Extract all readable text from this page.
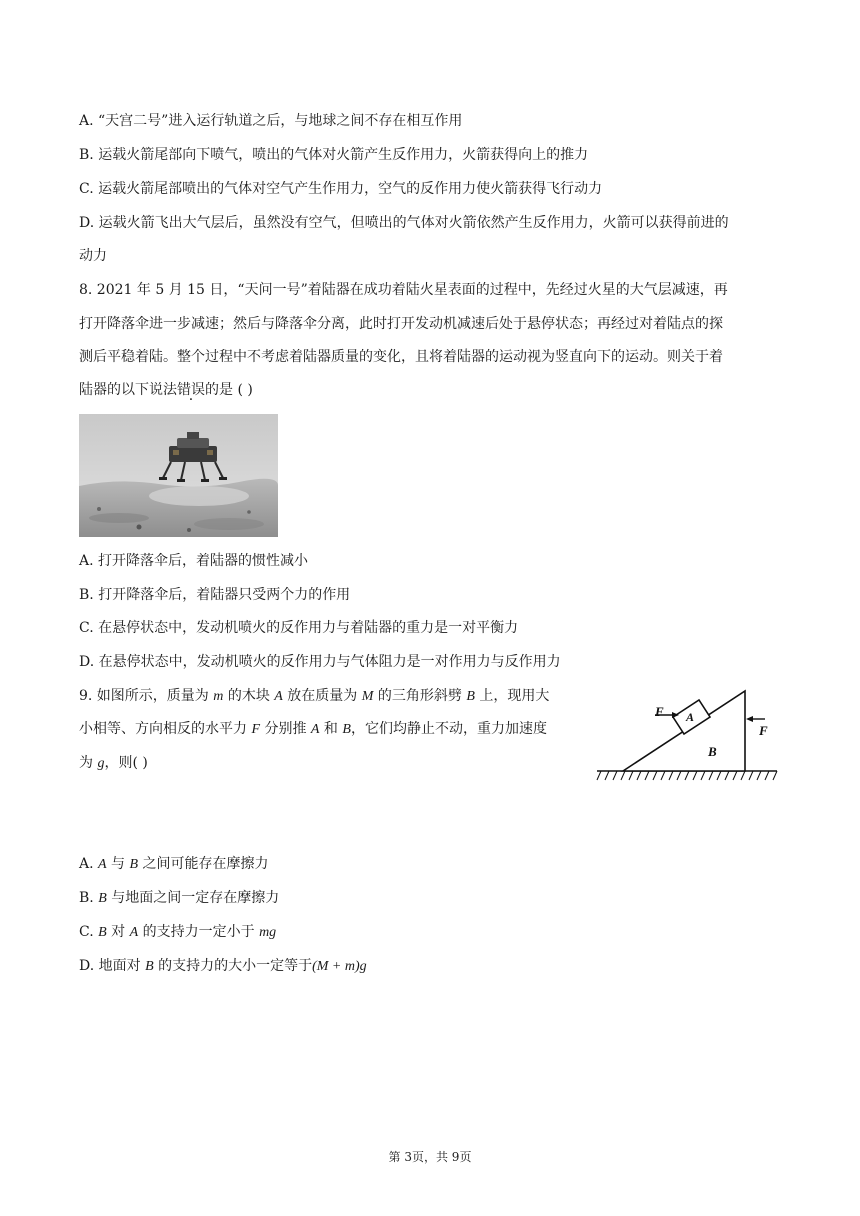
A. “天宫二号”进入运行轨道之后，与地球之间不存在相互作用
B. 运载火箭尾部向下喷气，喷出的气体对火箭产生反作用力，火箭获得向上的推力
C. 运载火箭尾部喷出的气体对空气产生作用力，空气的反作用力使火箭获得飞行动力
D. 运载火箭飞出大气层后，虽然没有空气，但喷出的气体对火箭依然产生反作用力，火箭可以获得前进的
动力
8. 2021 年 5 月 15 日，“天问一号”着陆器在成功着陆火星表面的过程中，先经过火星的大气层减速，再
打开降落伞进一步减速；然后与降落伞分离，此时打开发动机减速后处于悬停状态；再经过对着陆点的探
测后平稳着陆。整个过程中不考虑着陆器质量的变化，且将着陆器的运动视为竖直向下的运动。则关于着
陆器的以下说法错误的是 ( )
A. 打开降落伞后，着陆器的惯性减小
B. 打开降落伞后，着陆器只受两个力的作用
C. 在悬停状态中，发动机喷火的反作用力与着陆器的重力是一对平衡力
D. 在悬停状态中，发动机喷火的反作用力与气体阻力是一对作用力与反作用力
9. 如图所示，质量为 m 的木块 A 放在质量为 M 的三角形斜劈 B 上，现用大
小相等、方向相反的水平力 F 分别推 A 和 B，它们均静止不动，重力加速度
为 g，则( )
F A
B
F
A. A 与 B 之间可能存在摩擦力
B. B 与地面之间一定存在摩擦力
C. B 对 A 的支持力一定小于 mg
D. 地面对 B 的支持力的大小一定等于(M + m)g
第 3页，共 9页
